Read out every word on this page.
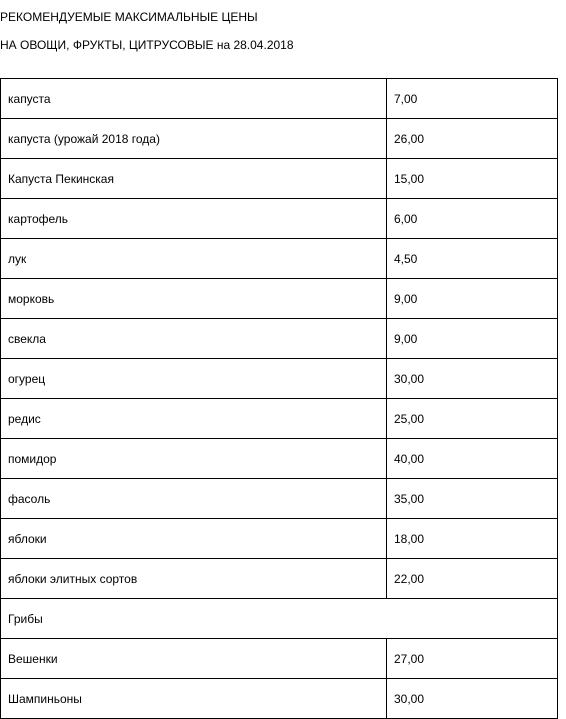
РЕКОМЕНДУЕМЫЕ МАКСИМАЛЬНЫЕ ЦЕНЫ

НА ОВОЩИ, ФРУКТЫ, ЦИТРУСОВЫЕ на 28.04.2018

капуста	7,00
капуста (урожай 2018 года)	26,00
Капуста Пекинская	15,00
картофель	6,00
лук	4,50
морковь	9,00
свекла	9,00
огурец	30,00
редис	25,00
помидор	40,00
фасоль	35,00
яблоки	18,00
яблоки элитных сортов	22,00
Грибы	
Вешенки	27,00
Шампиньоны	30,00
